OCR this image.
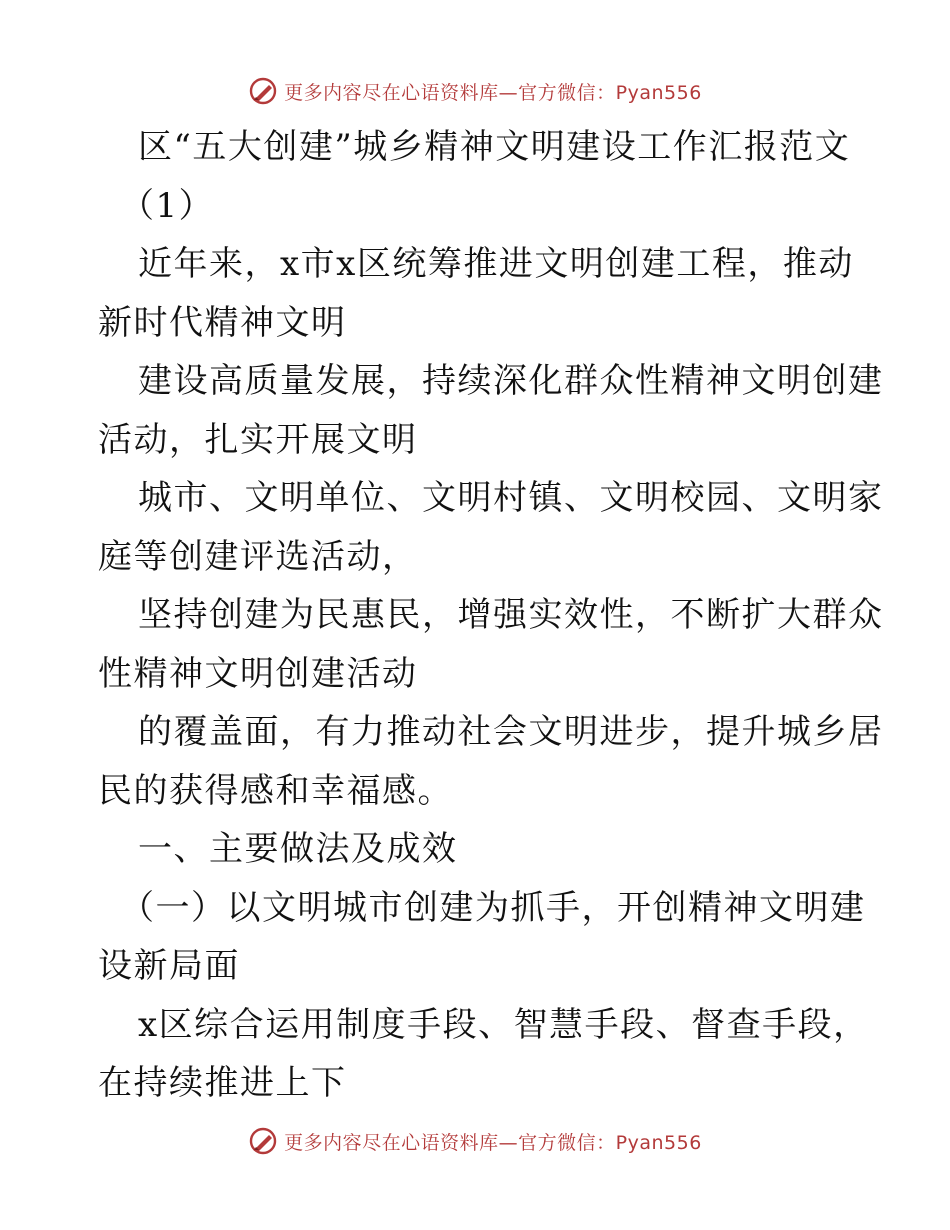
更多内容尽在心语资料库—官方微信：Pyan556
区“五大创建”城乡精神文明建设工作汇报范文
（1）
近年来，x市x区统筹推进文明创建工程，推动
新时代精神文明
建设高质量发展，持续深化群众性精神文明创建
活动，扎实开展文明
城市、文明单位、文明村镇、文明校园、文明家
庭等创建评选活动，
坚持创建为民惠民，增强实效性，不断扩大群众
性精神文明创建活动
的覆盖面，有力推动社会文明进步，提升城乡居
民的获得感和幸福感。
一、主要做法及成效
（一）以文明城市创建为抓手，开创精神文明建
设新局面
x区综合运用制度手段、智慧手段、督查手段，
在持续推进上下
更多内容尽在心语资料库—官方微信：Pyan556
